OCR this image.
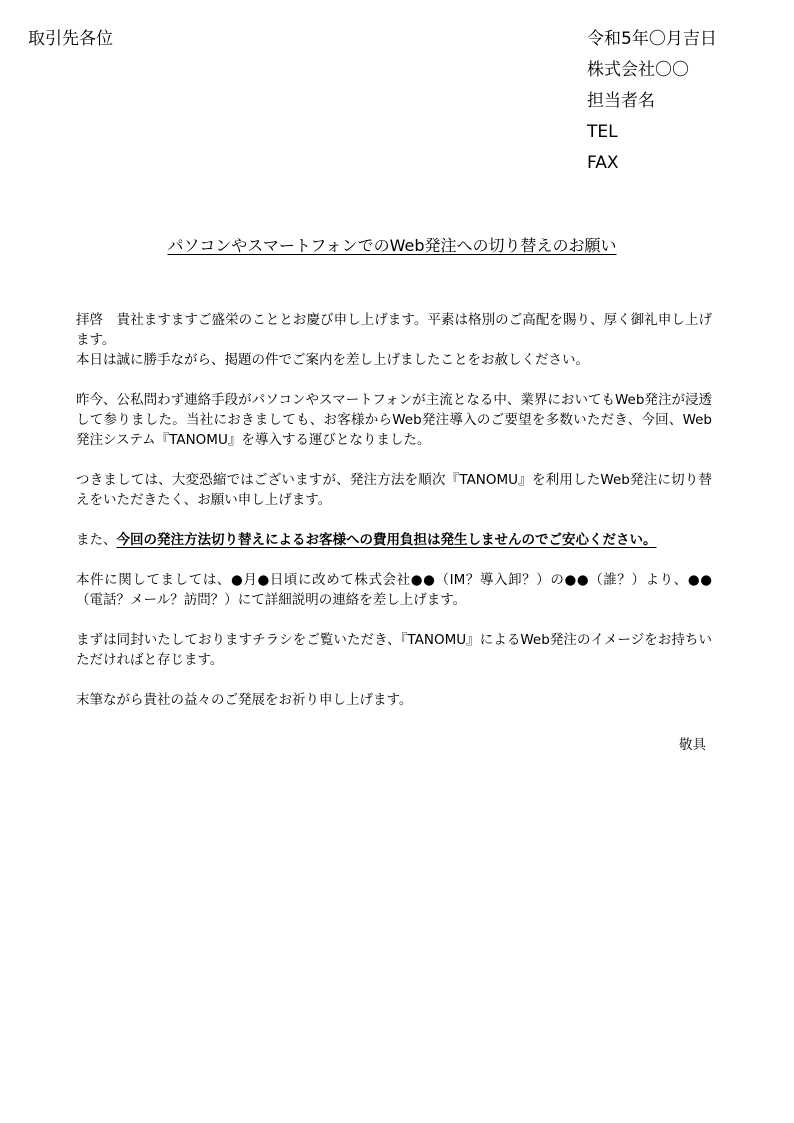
取引先各位	令和5年〇月吉日
株式会社〇〇
担当者名
TEL
FAX
パソコンやスマートフォンでのWeb発注への切り替えのお願い

拝啓　貴社ますますご盛栄のこととお慶び申し上げます。平素は格別のご高配を賜り、厚く御礼申し上げます。

本日は誠に勝手ながら、掲題の件でご案内を差し上げましたことをお赦しください。

昨今、公私問わず連絡手段がパソコンやスマートフォンが主流となる中、業界においてもWeb発注が浸透して参りました。当社におきましても、お客様からWeb発注導入のご要望を多数いただき、今回、Web発注システム『TANOMU』を導入する運びとなりました。

つきましては、大変恐縮ではございますが、発注方法を順次『TANOMU』を利用したWeb発注に切り替えをいただきたく、お願い申し上げます。

また、今回の発注方法切り替えによるお客様への費用負担は発生しませんのでご安心ください。

本件に関してましては、●月●日頃に改めて株式会社●●（IM？導入卸？）の●●（誰？）より、●●（電話？メール？訪問？）にて詳細説明の連絡を差し上げます。

まずは同封いたしておりますチラシをご覧いただき、『TANOMU』によるWeb発注のイメージをお持ちいただければと存じます。

末筆ながら貴社の益々のご発展をお祈り申し上げます。

敬具
